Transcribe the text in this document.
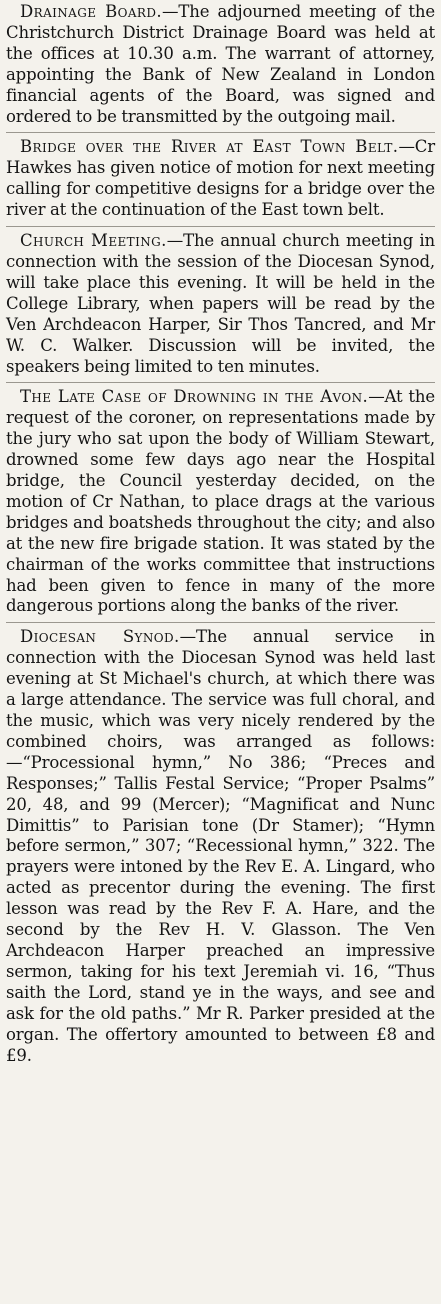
Drainage Board.—The adjourned meeting of the Christchurch District Drainage Board was held at the offices at 10.30 a.m. The warrant of attorney, appointing the Bank of New Zealand in London financial agents of the Board, was signed and ordered to be transmitted by the outgoing mail.

Bridge over the River at East Town Belt.—Cr Hawkes has given notice of motion for next meeting calling for competitive designs for a bridge over the river at the continuation of the East town belt.

Church Meeting.—The annual church meeting in connection with the session of the Diocesan Synod, will take place this evening. It will be held in the College Library, when papers will be read by the Ven Archdeacon Harper, Sir Thos Tancred, and Mr W. C. Walker. Discussion will be invited, the speakers being limited to ten minutes.

The Late Case of Drowning in the Avon.—At the request of the coroner, on representations made by the jury who sat upon the body of William Stewart, drowned some few days ago near the Hospital bridge, the Council yesterday decided, on the motion of Cr Nathan, to place drags at the various bridges and boatsheds throughout the city; and also at the new fire brigade station. It was stated by the chairman of the works committee that instructions had been given to fence in many of the more dangerous portions along the banks of the river.

Diocesan Synod.—The annual service in connection with the Diocesan Synod was held last evening at St Michael's church, at which there was a large attendance. The service was full choral, and the music, which was very nicely rendered by the combined choirs, was arranged as follows:—“Processional hymn,” No 386; “Preces and Responses;” Tallis Festal Service; “Proper Psalms” 20, 48, and 99 (Mercer); “Magnificat and Nunc Dimittis” to Parisian tone (Dr Stamer); “Hymn before sermon,” 307; “Recessional hymn,” 322. The prayers were intoned by the Rev E. A. Lingard, who acted as precentor during the evening. The first lesson was read by the Rev F. A. Hare, and the second by the Rev H. V. Glasson. The Ven Archdeacon Harper preached an impressive sermon, taking for his text Jeremiah vi. 16, “Thus saith the Lord, stand ye in the ways, and see and ask for the old paths.” Mr R. Parker presided at the organ. The offertory amounted to between £8 and £9.
